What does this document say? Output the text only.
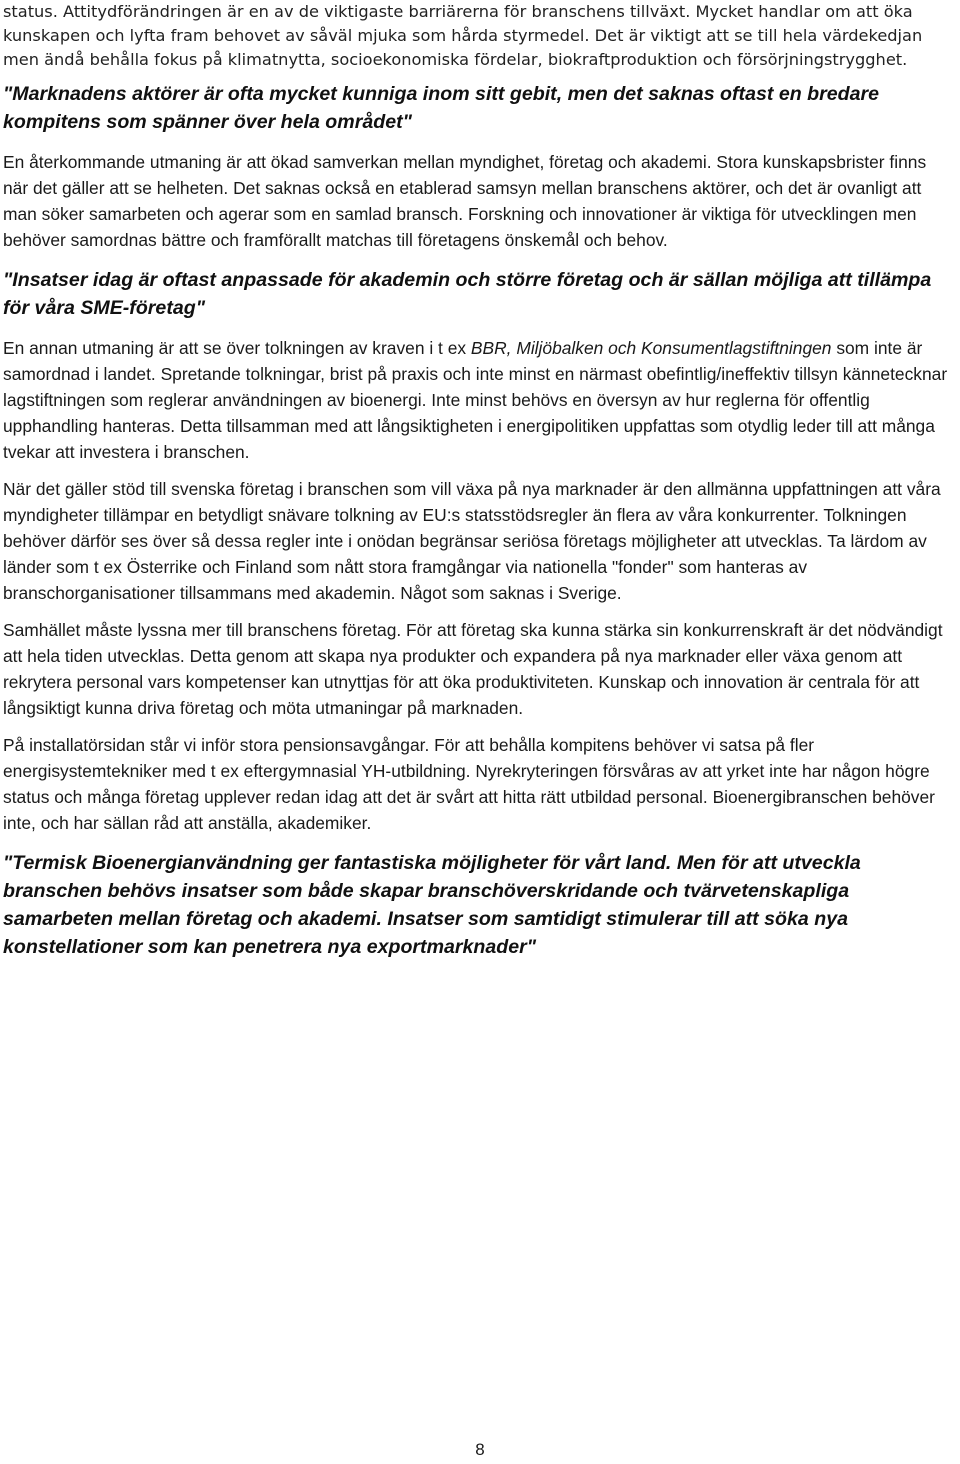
status. Attitydförändringen är en av de viktigaste barriärerna för branschens tillväxt. Mycket handlar om att öka kunskapen och lyfta fram behovet av såväl mjuka som hårda styrmedel. Det är viktigt att se till hela värdekedjan men ändå behålla fokus på klimatnytta, socioekonomiska fördelar, biokraftproduktion och försörjningstrygghet.

"Marknadens aktörer är ofta mycket kunniga inom sitt gebit, men det saknas oftast en bredare kompitens som spänner över hela området"

En återkommande utmaning är att ökad samverkan mellan myndighet, företag och akademi. Stora kunskapsbrister finns när det gäller att se helheten. Det saknas också en etablerad samsyn mellan branschens aktörer, och det är ovanligt att man söker samarbeten och agerar som en samlad bransch. Forskning och innovationer är viktiga för utvecklingen men behöver samordnas bättre och framförallt matchas till företagens önskemål och behov.

"Insatser idag är oftast anpassade för akademin och större företag och är sällan möjliga att tillämpa för våra SME-företag"

En annan utmaning är att se över tolkningen av kraven i t ex BBR, Miljöbalken och Konsumentlagstiftningen som inte är samordnad i landet. Spretande tolkningar, brist på praxis och inte minst en närmast obefintlig/ineffektiv tillsyn kännetecknar lagstiftningen som reglerar användningen av bioenergi. Inte minst behövs en översyn av hur reglerna för offentlig upphandling hanteras. Detta tillsamman med att långsiktigheten i energipolitiken uppfattas som otydlig leder till att många tvekar att investera i branschen.

När det gäller stöd till svenska företag i branschen som vill växa på nya marknader är den allmänna uppfattningen att våra myndigheter tillämpar en betydligt snävare tolkning av EU:s statsstödsregler än flera av våra konkurrenter. Tolkningen behöver därför ses över så dessa regler inte i onödan begränsar seriösa företags möjligheter att utvecklas. Ta lärdom av länder som t ex Österrike och Finland som nått stora framgångar via nationella "fonder" som hanteras av branschorganisationer tillsammans med akademin. Något som saknas i Sverige.

Samhället måste lyssna mer till branschens företag. För att företag ska kunna stärka sin konkurrenskraft är det nödvändigt att hela tiden utvecklas. Detta genom att skapa nya produkter och expandera på nya marknader eller växa genom att rekrytera personal vars kompetenser kan utnyttjas för att öka produktiviteten. Kunskap och innovation är centrala för att långsiktigt kunna driva företag och möta utmaningar på marknaden.

På installatörsidan står vi inför stora pensionsavgångar. För att behålla kompitens behöver vi satsa på fler energisystemtekniker med t ex eftergymnasial YH-utbildning. Nyrekryteringen försvåras av att yrket inte har någon högre status och många företag upplever redan idag att det är svårt att hitta rätt utbildad personal. Bioenergibranschen behöver inte, och har sällan råd att anställa, akademiker.

"Termisk Bioenergianvändning ger fantastiska möjligheter för vårt land. Men för att utveckla branschen behövs insatser som både skapar branschöverskridande och tvärvetenskapliga samarbeten mellan företag och akademi. Insatser som samtidigt stimulerar till att söka nya konstellationer som kan penetrera nya exportmarknader"

8
